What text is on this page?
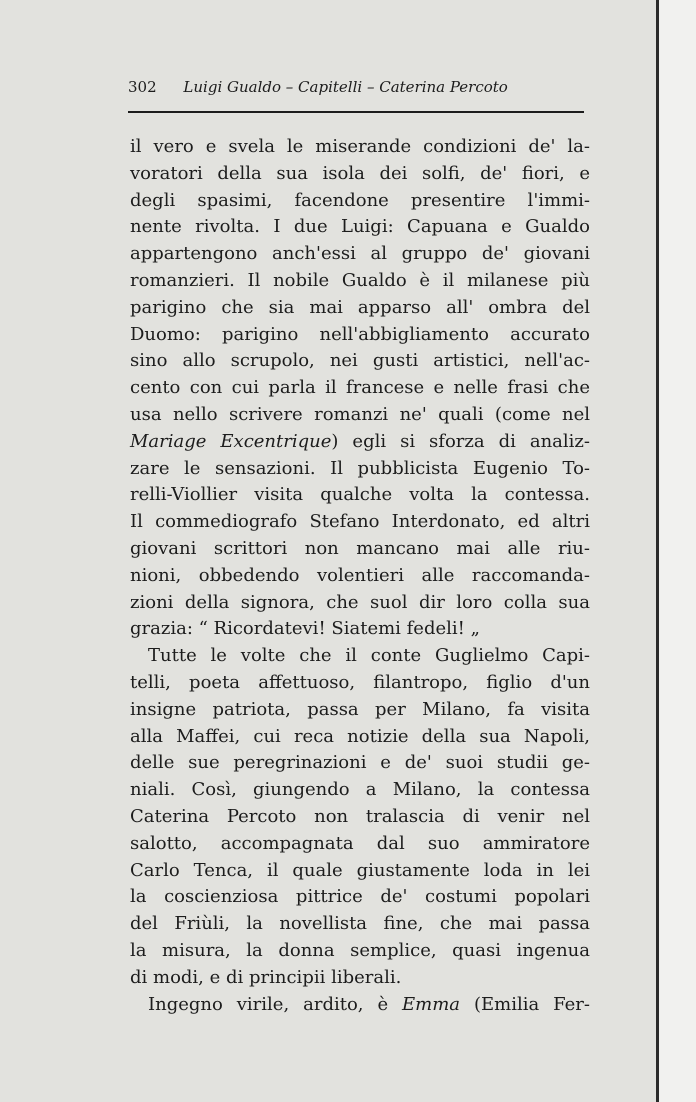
302 Luigi Gualdo – Capitelli – Caterina Percoto
il vero e svela le miserande condizioni de' la-
voratori della sua isola dei solfi, de' fiori, e
degli spasimi, facendone presentire l'immi-
nente rivolta. I due Luigi: Capuana e Gualdo
appartengono anch'essi al gruppo de' giovani
romanzieri. Il nobile Gualdo è il milanese più
parigino che sia mai apparso all' ombra del
Duomo: parigino nell'abbigliamento accurato
sino allo scrupolo, nei gusti artistici, nell'ac-
cento con cui parla il francese e nelle frasi che
usa nello scrivere romanzi ne' quali (come nel
Mariage Excentrique) egli si sforza di analiz-
zare le sensazioni. Il pubblicista Eugenio To-
relli-Viollier visita qualche volta la contessa.
Il commediografo Stefano Interdonato, ed altri
giovani scrittori non mancano mai alle riu-
nioni, obbedendo volentieri alle raccomanda-
zioni della signora, che suol dir loro colla sua
grazia: “ Ricordatevi! Siatemi fedeli! „
Tutte le volte che il conte Guglielmo Capi-
telli, poeta affettuoso, filantropo, figlio d'un
insigne patriota, passa per Milano, fa visita
alla Maffei, cui reca notizie della sua Napoli,
delle sue peregrinazioni e de' suoi studii ge-
niali. Così, giungendo a Milano, la contessa
Caterina Percoto non tralascia di venir nel
salotto, accompagnata dal suo ammiratore
Carlo Tenca, il quale giustamente loda in lei
la coscienziosa pittrice de' costumi popolari
del Friùli, la novellista fine, che mai passa
la misura, la donna semplice, quasi ingenua
di modi, e di principii liberali.
Ingegno virile, ardito, è Emma (Emilia Fer-
